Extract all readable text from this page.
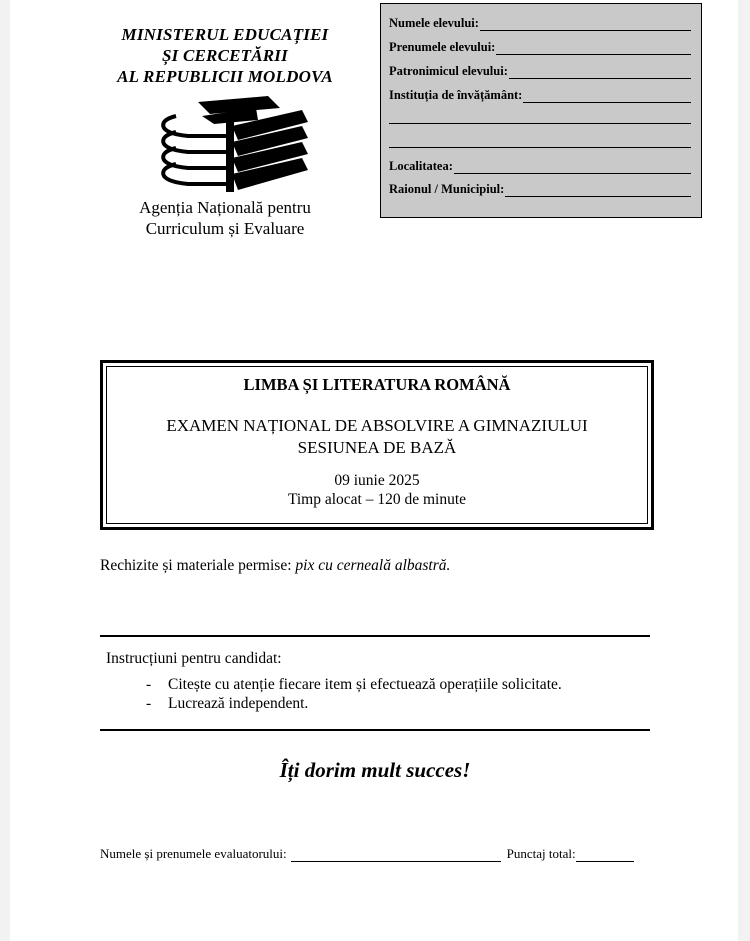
MINISTERUL EDUCAȚIEI
ȘI CERCETĂRII
AL REPUBLICII MOLDOVA
Agenția Națională pentru
Curriculum și Evaluare
Numele elevului:
Prenumele elevului:
Patronimicul elevului:
Instituția de învățământ:
Localitatea:
Raionul / Municipiul:
LIMBA ȘI LITERATURA ROMÂNĂ
EXAMEN NAȚIONAL DE ABSOLVIRE A GIMNAZIULUI
SESIUNEA DE BAZĂ
09 iunie 2025
Timp alocat – 120 de minute
Rechizite și materiale permise: pix cu cerneală albastră.
Instrucțiuni pentru candidat:
-	Citește cu atenție fiecare item și efectuează operațiile solicitate.
-	Lucrează independent.
Îți dorim mult succes!
Numele și prenumele evaluatorului:	Punctaj total:
